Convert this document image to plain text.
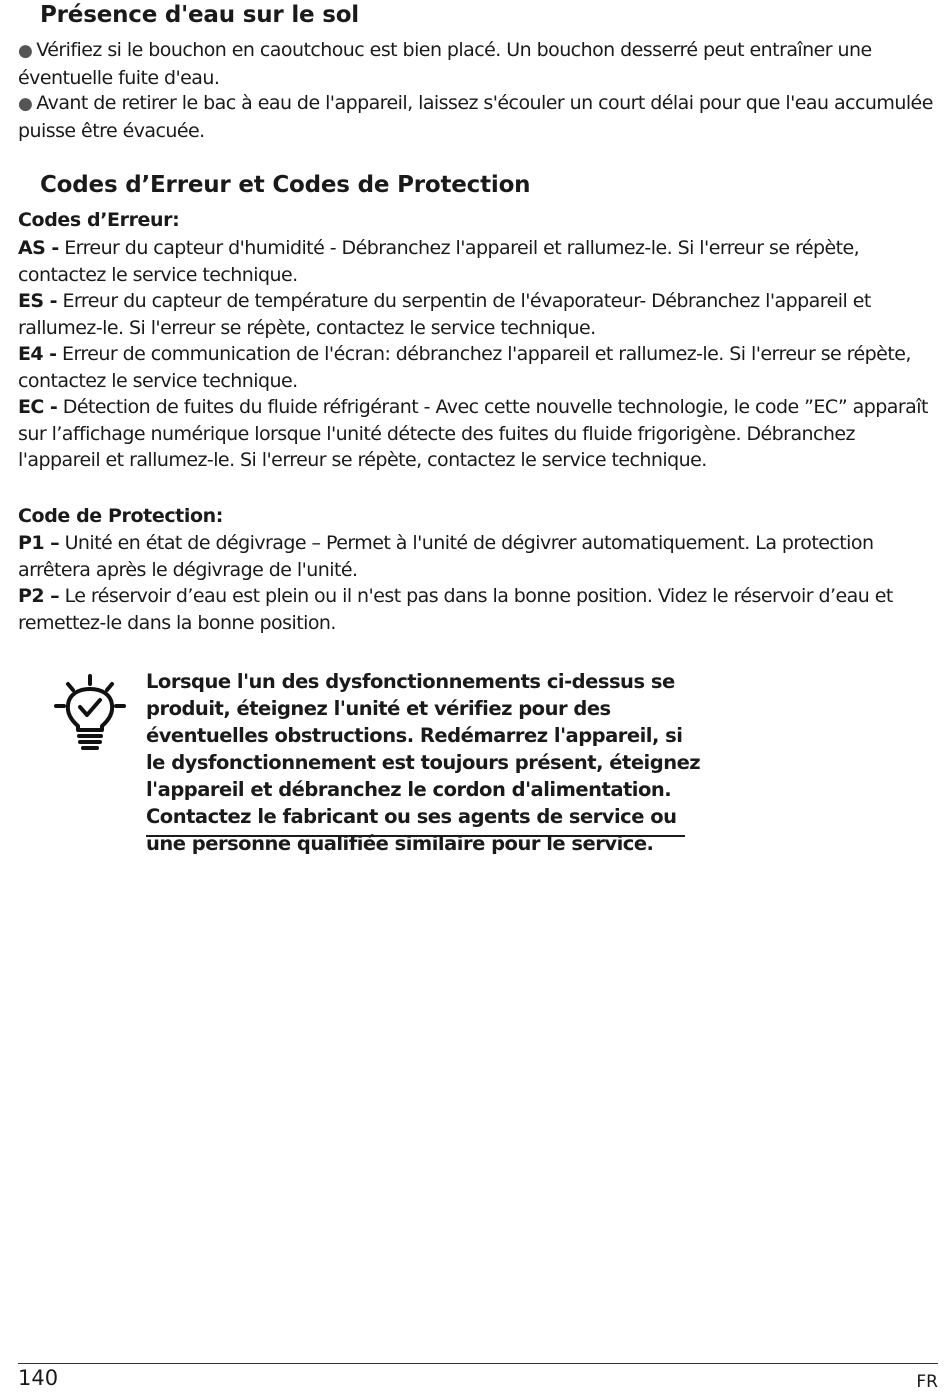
Présence d'eau sur le sol

● Vérifiez si le bouchon en caoutchouc est bien placé. Un bouchon desserré peut entraîner une éventuelle fuite d'eau.

● Avant de retirer le bac à eau de l'appareil, laissez s'écouler un court délai pour que l'eau accumulée puisse être évacuée.

Codes d’Erreur et Codes de Protection

Codes d’Erreur:

AS - Erreur du capteur d'humidité - Débranchez l'appareil et rallumez-le. Si l'erreur se répète, contactez le service technique.

ES - Erreur du capteur de température du serpentin de l'évaporateur- Débranchez l'appareil et rallumez-le. Si l'erreur se répète, contactez le service technique.

E4 - Erreur de communication de l'écran: débranchez l'appareil et rallumez-le. Si l'erreur se répète, contactez le service technique.

EC - Détection de fuites du fluide réfrigérant - Avec cette nouvelle technologie, le code ”EC” apparaît sur l’affichage numérique lorsque l'unité détecte des fuites du fluide frigorigène. Débranchez l'appareil et rallumez-le. Si l'erreur se répète, contactez le service technique.

Code de Protection:

P1 – Unité en état de dégivrage – Permet à l'unité de dégivrer automatiquement. La protection arrêtera après le dégivrage de l'unité.

P2 – Le réservoir d’eau est plein ou il n'est pas dans la bonne position. Videz le réservoir d’eau et remettez-le dans la bonne position.

Lorsque l'un des dysfonctionnements ci-dessus se produit, éteignez l'unité et vérifiez pour des éventuelles obstructions. Redémarrez l'appareil, si le dysfonctionnement est toujours présent, éteignez l'appareil et débranchez le cordon d'alimentation. Contactez le fabricant ou ses agents de service ou une personne qualifiée similaire pour le service.

140	FR
